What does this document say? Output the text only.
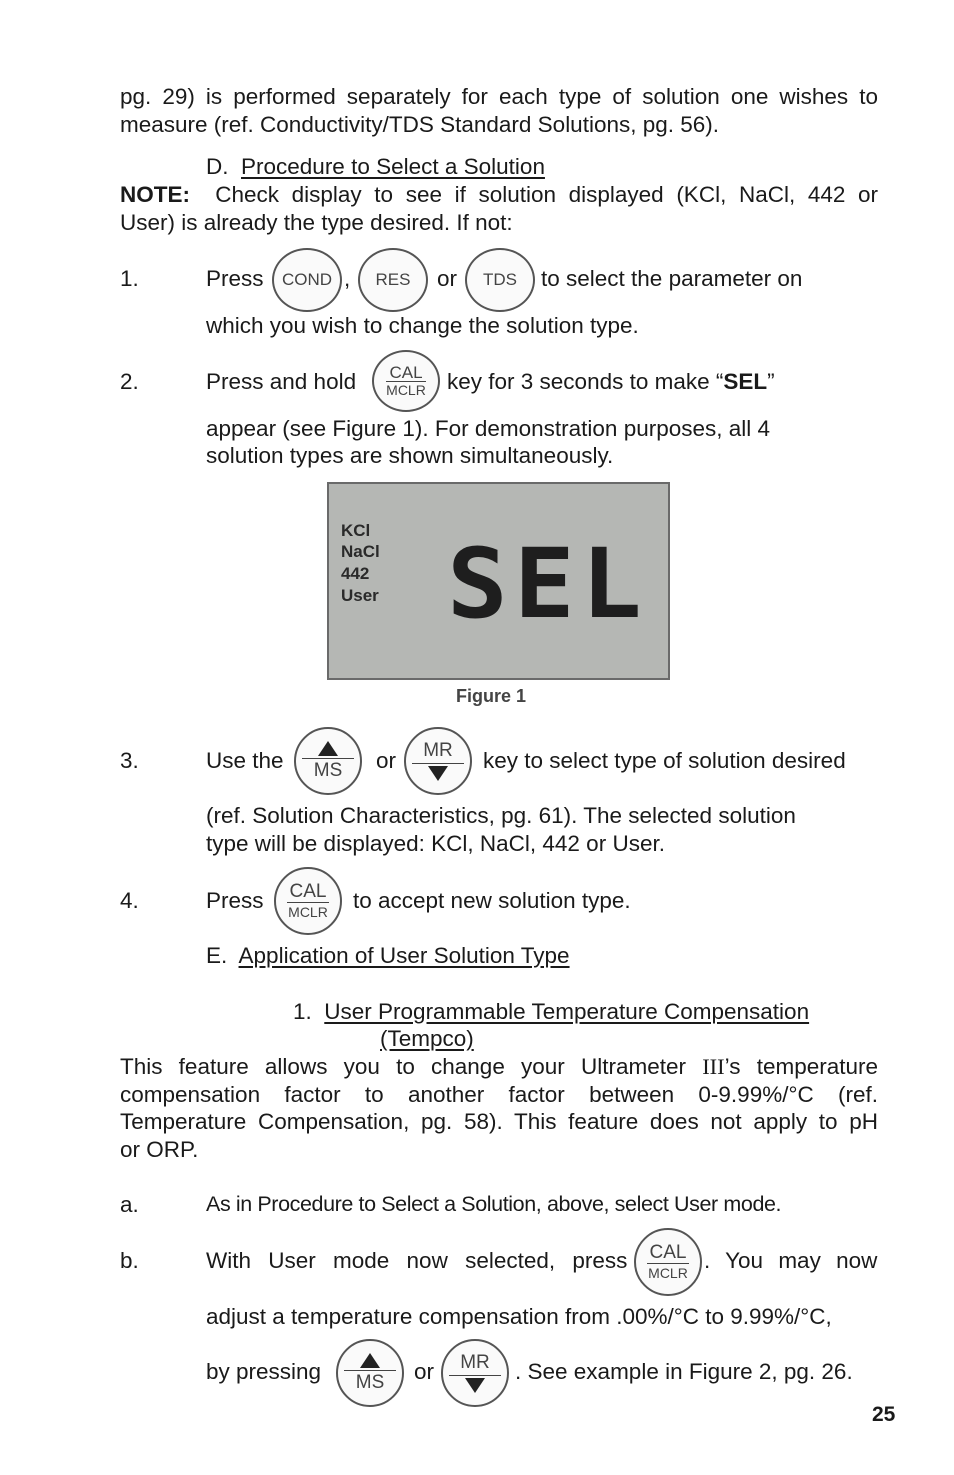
pg. 29) is performed separately for each type of solution one wishes to
measure (ref. Conductivity/TDS Standard Solutions, pg. 56).
D. Procedure to Select a Solution
NOTE: Check display to see if solution displayed (KCl, NaCl, 442 or
User) is already the type desired. If not:
1.	Press COND , RES or TDS to select the parameter on
which you wish to change the solution type.
2.	Press and hold CAL
MCLR key for 3 seconds to make “SEL”
appear (see Figure 1). For demonstration purposes, all 4
solution types are shown simultaneously.
KCl
NaCl
442
User SEL
Figure 1
3.	Use the MS or MR key to select type of solution desired
(ref. Solution Characteristics, pg. 61). The selected solution
type will be displayed: KCl, NaCl, 442 or User.
4.	Press CAL
MCLR to accept new solution type.
E. Application of User Solution Type
1. User Programmable Temperature Compensation
(Tempco)
This feature allows you to change your Ultrameter III’s temperature
compensation factor to another factor between 0-9.99%/°C (ref.
Temperature Compensation, pg. 58). This feature does not apply to pH
or ORP.
a.	As in Procedure to Select a Solution, above, select User mode.
b.	With User mode now selected, press CAL
MCLR . You may now
adjust a temperature compensation from .00%/°C to 9.99%/°C,
by pressing MS or MR . See example in Figure 2, pg. 26.
25
